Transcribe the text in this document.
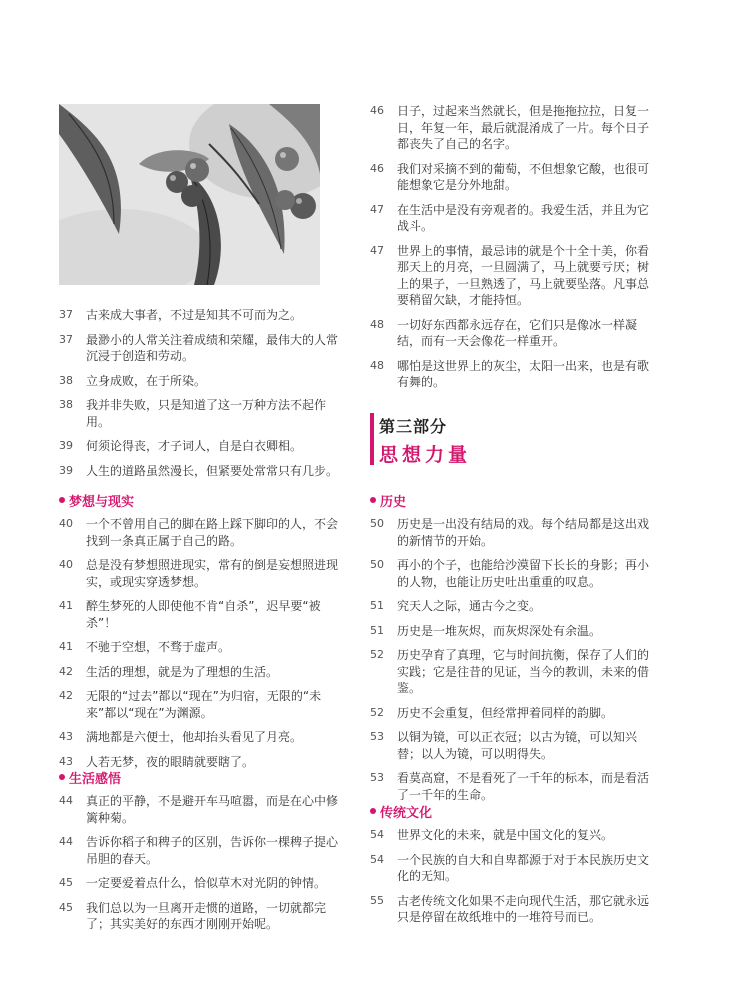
37	古来成大事者，不过是知其不可而为之。
37	最渺小的人常关注着成绩和荣耀，最伟大的人常沉浸于创造和劳动。
38	立身成败，在于所染。
38	我并非失败，只是知道了这一万种方法不起作用。
39	何须论得丧，才子词人，自是白衣卿相。
39	人生的道路虽然漫长，但紧要处常常只有几步。
梦想与现实
40	一个不曾用自己的脚在路上踩下脚印的人，不会找到一条真正属于自己的路。
40	总是没有梦想照进现实，常有的倒是妄想照进现实，或现实穿透梦想。
41	醉生梦死的人即使他不肯“自杀”，迟早要“被杀”！
41	不驰于空想，不骛于虚声。
42	生活的理想，就是为了理想的生活。
42	无限的“过去”都以“现在”为归宿，无限的“未来”都以“现在”为渊源。
43	满地都是六便士，他却抬头看见了月亮。
43	人若无梦，夜的眼睛就要瞎了。
生活感悟
44	真正的平静，不是避开车马喧嚣，而是在心中修篱种菊。
44	告诉你稻子和稗子的区别，告诉你一棵稗子提心吊胆的春天。
45	一定要爱着点什么，恰似草木对光阴的钟情。
45	我们总以为一旦离开走惯的道路，一切就都完了；其实美好的东西才刚刚开始呢。
46	日子，过起来当然就长，但是拖拖拉拉，日复一日，年复一年，最后就混淆成了一片。每个日子都丧失了自己的名字。
46	我们对采摘不到的葡萄，不但想象它酸，也很可能想象它是分外地甜。
47	在生活中是没有旁观者的。我爱生活，并且为它战斗。
47	世界上的事情，最忌讳的就是个十全十美，你看那天上的月亮，一旦圆满了，马上就要亏厌；树上的果子，一旦熟透了，马上就要坠落。凡事总要稍留欠缺，才能持恒。
48	一切好东西都永远存在，它们只是像冰一样凝结，而有一天会像花一样重开。
48	哪怕是这世界上的灰尘，太阳一出来，也是有歌有舞的。
历史
50	历史是一出没有结局的戏。每个结局都是这出戏的新情节的开始。
50	再小的个子，也能给沙漠留下长长的身影；再小的人物，也能让历史吐出重重的叹息。
51	究天人之际，通古今之变。
51	历史是一堆灰烬，而灰烬深处有余温。
52	历史孕育了真理，它与时间抗衡，保存了人们的实践；它是往昔的见证，当今的教训，未来的借鉴。
52	历史不会重复，但经常押着同样的韵脚。
53	以铜为镜，可以正衣冠；以古为镜，可以知兴替；以人为镜，可以明得失。
53	看莫高窟，不是看死了一千年的标本，而是看活了一千年的生命。
传统文化
54	世界文化的未来，就是中国文化的复兴。
54	一个民族的自大和自卑都源于对于本民族历史文化的无知。
55	古老传统文化如果不走向现代生活，那它就永远只是停留在故纸堆中的一堆符号而已。
第三部分
思想力量
